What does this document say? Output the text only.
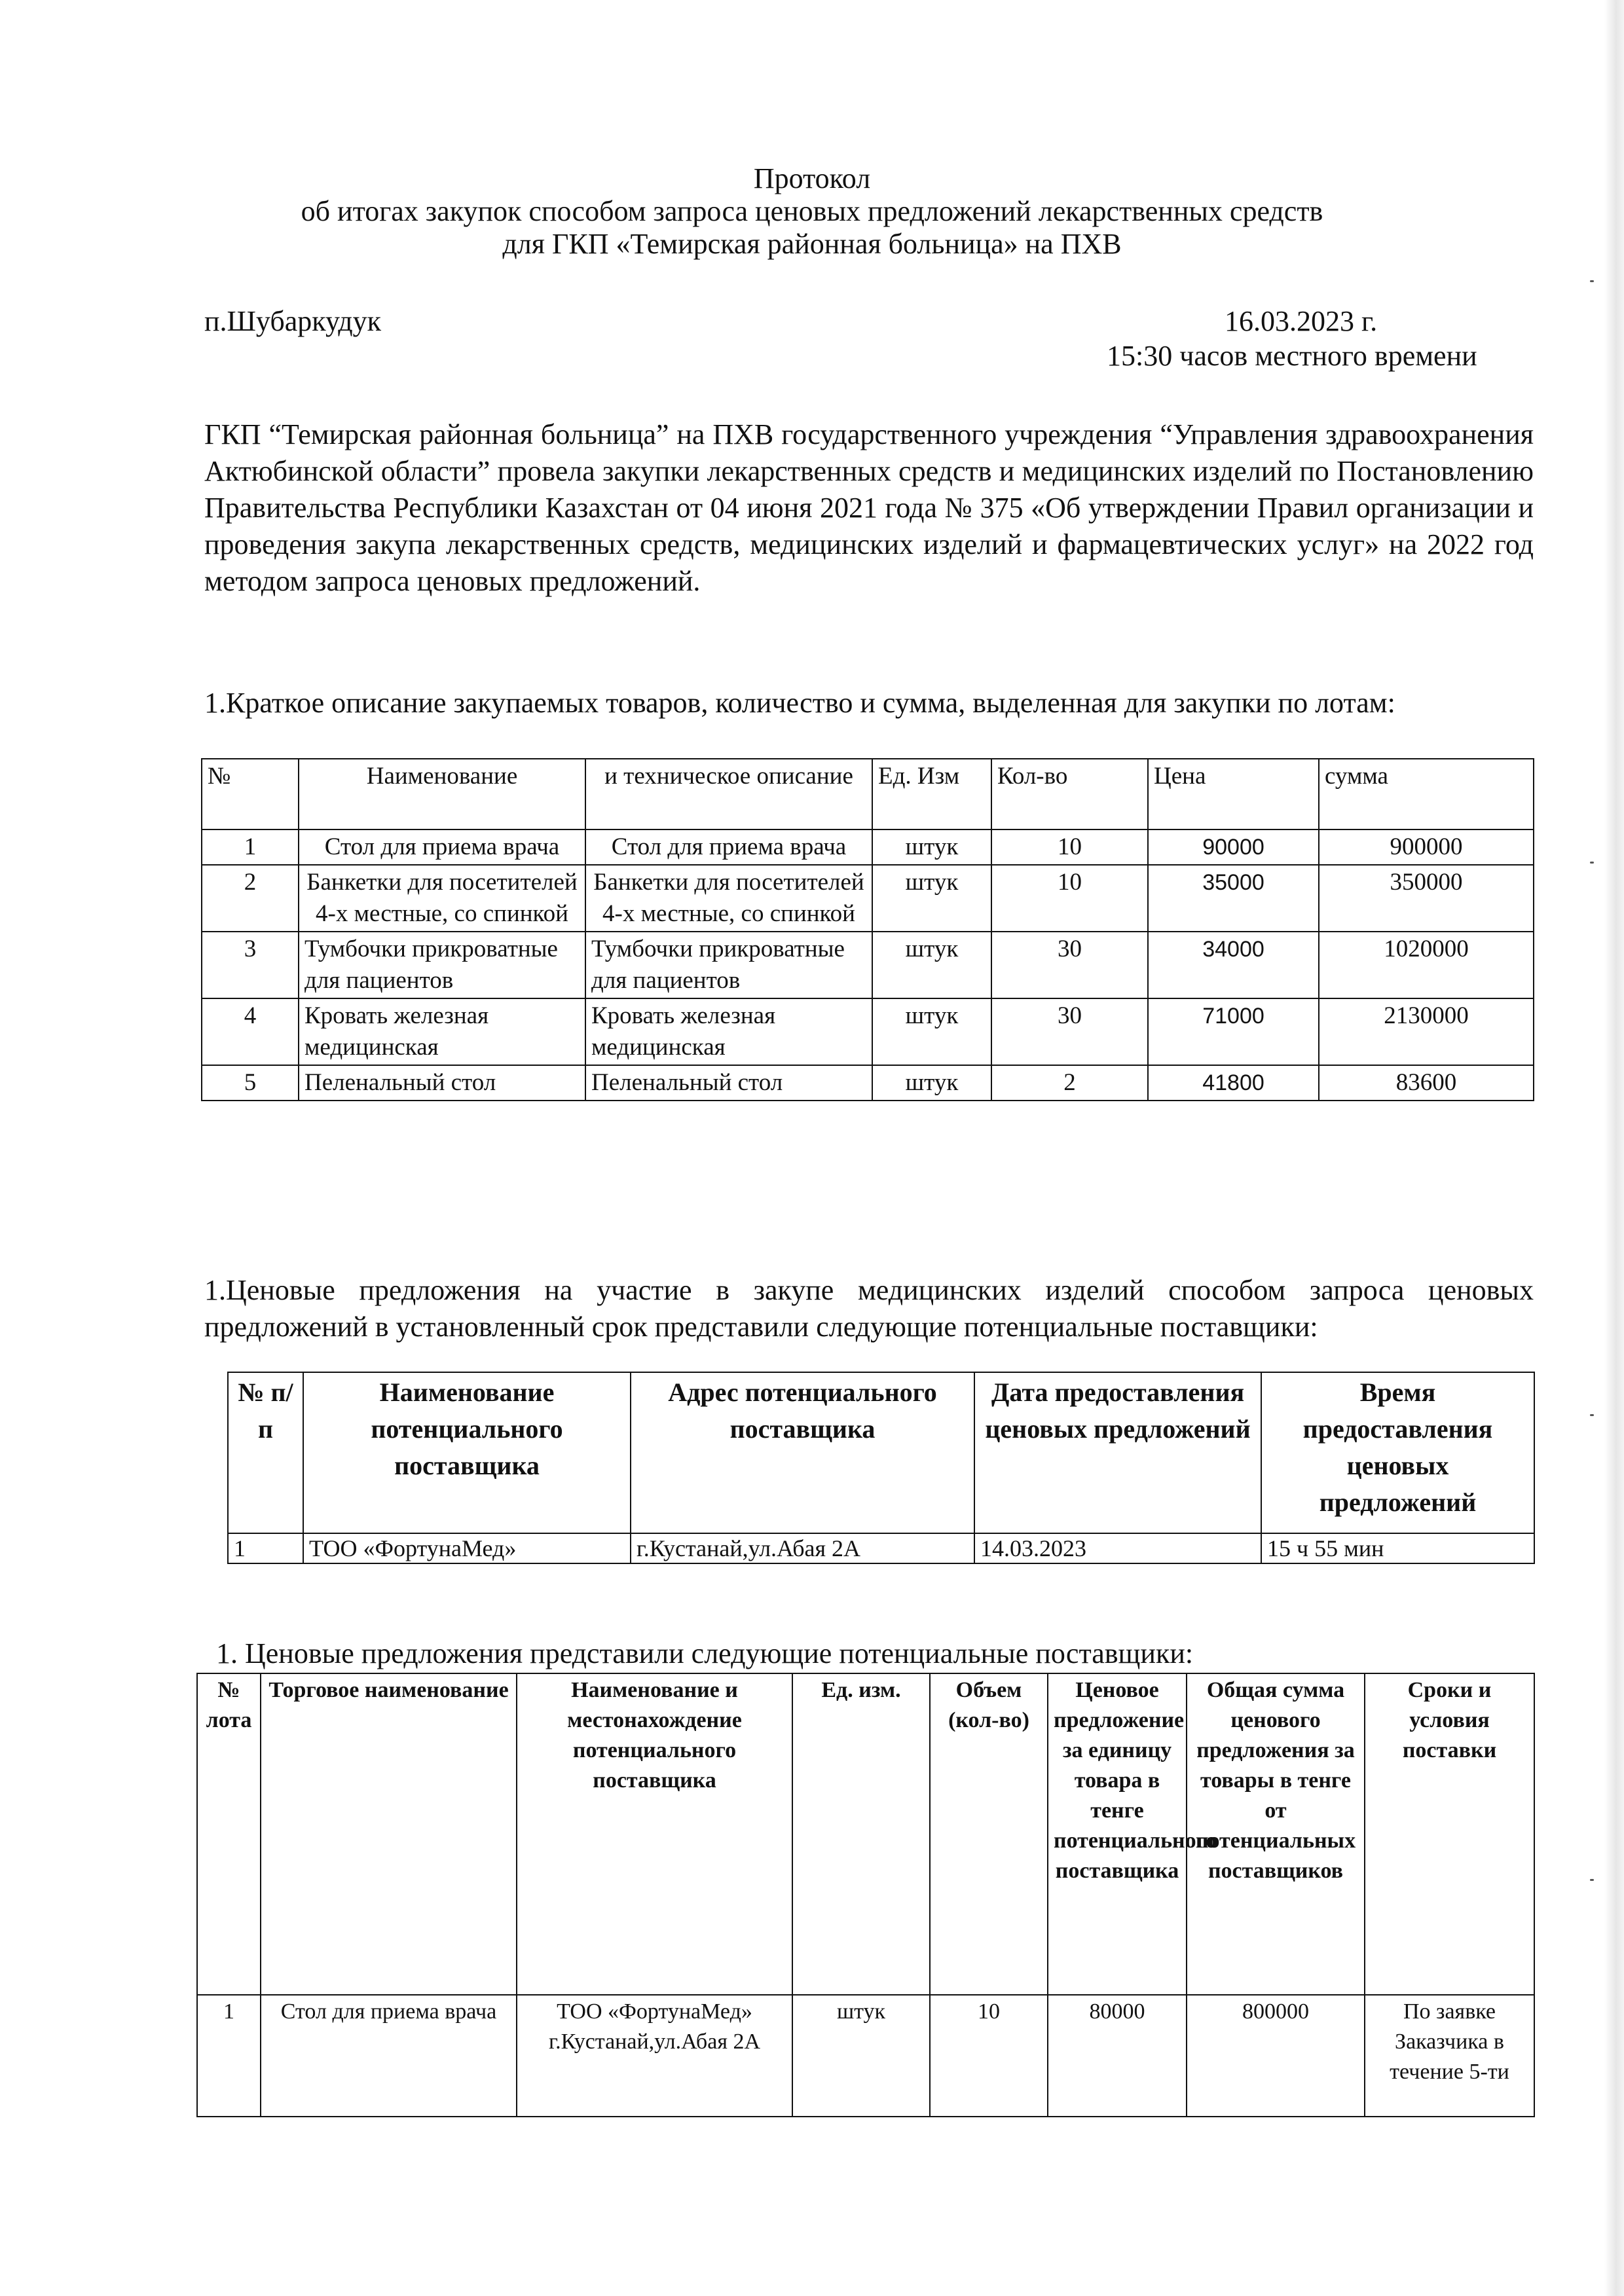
Протокол
об итогах закупок способом запроса ценовых предложений лекарственных средств
для ГКП «Темирская районная больница» на ПХВ
п.Шубаркудук	16.03.2023 г.
15:30 часов местного времени
ГКП “Темирская районная больница” на ПХВ государственного учреждения “Управления здравоохранения Актюбинской области” провела закупки лекарственных средств и медицинских изделий по Постановлению Правительства Республики Казахстан от 04 июня 2021 года № 375 «Об утверждении Правил организации и проведения закупа лекарственных средств, медицинских изделий и фармацевтических услуг» на 2022 год методом запроса ценовых предложений.
1.Краткое описание закупаемых товаров, количество и сумма, выделенная для закупки по лотам:
№	Наименование	и техническое описание	Ед. Изм	Кол-во	Цена	сумма
1	Стол для приема врача	Стол для приема врача	штук	10	90000	900000
2	Банкетки для посетителей 4-х местные, со спинкой	Банкетки для посетителей 4-х местные, со спинкой	штук	10	35000	350000
3	Тумбочки прикроватные для пациентов	Тумбочки прикроватные для пациентов	штук	30	34000	1020000
4	Кровать железная медицинская	Кровать железная медицинская	штук	30	71000	2130000
5	Пеленальный стол	Пеленальный стол	штук	2	41800	83600
1.Ценовые предложения на участие в закупе медицинских изделий способом запроса ценовых предложений в установленный срок представили следующие потенциальные поставщики:
№ п/п	Наименование потенциального поставщика	Адрес потенциального поставщика	Дата предоставления ценовых предложений	Время предоставления ценовых предложений
1	ТОО «ФортунаМед»	г.Кустанай,ул.Абая 2А	14.03.2023	15 ч 55 мин
1. Ценовые предложения представили следующие потенциальные поставщики:
№ лота	Торговое наименование	Наименование и местонахождение потенциального поставщика	Ед. изм.	Объем (кол-во)	Ценовое предложение за единицу товара в тенге потенциального поставщика	Общая сумма ценового предложения за товары в тенге от потенциальных поставщиков	Сроки и условия поставки
1	Стол для приема врача	ТОО «ФортунаМед» г.Кустанай,ул.Абая 2А	штук	10	80000	800000	По заявке Заказчика в течение 5-ти
